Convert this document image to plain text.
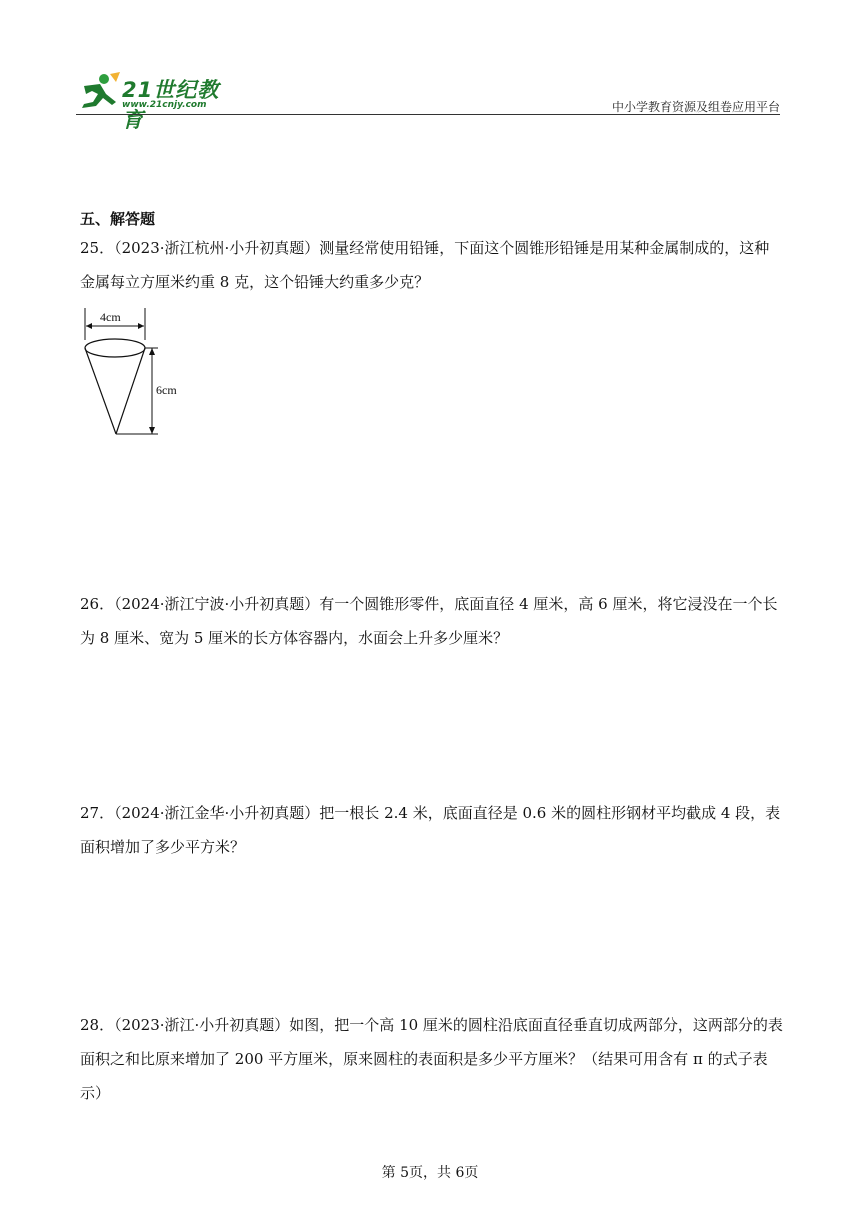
21世纪教育
www.21cnjy.com	中小学教育资源及组卷应用平台
五、解答题
25．（2023·浙江杭州·小升初真题）测量经常使用铅锤，下面这个圆锥形铅锤是用某种金属制成的，这种金属每立方厘米约重 8 克，这个铅锤大约重多少克？
4cm
6cm
26．（2024·浙江宁波·小升初真题）有一个圆锥形零件，底面直径 4 厘米，高 6 厘米，将它浸没在一个长为 8 厘米、宽为 5 厘米的长方体容器内，水面会上升多少厘米？
27．（2024·浙江金华·小升初真题）把一根长 2.4 米，底面直径是 0.6 米的圆柱形钢材平均截成 4 段，表面积增加了多少平方米？
28．（2023·浙江·小升初真题）如图，把一个高 10 厘米的圆柱沿底面直径垂直切成两部分，这两部分的表面积之和比原来增加了 200 平方厘米，原来圆柱的表面积是多少平方厘米？（结果可用含有 π 的式子表示）
第 5页，共 6页
